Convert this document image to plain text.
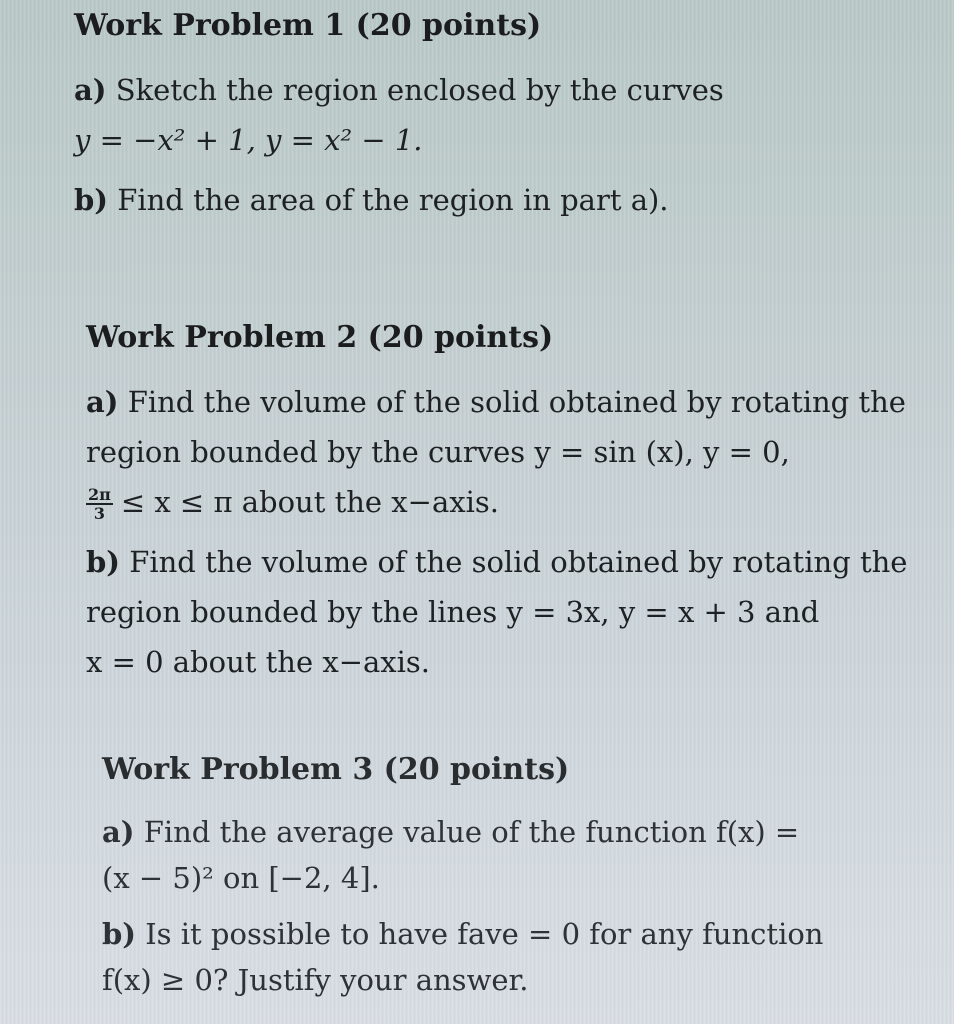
Work Problem 1 (20 points)
a) Sketch the region enclosed by the curves
y = −x² + 1, y = x² − 1.
b) Find the area of the region in part a).
Work Problem 2 (20 points)
a) Find the volume of the solid obtained by rotating the
region bounded by the curves y = sin (x), y = 0,
$\frac{2\pi}{3} \le x \le \pi$ about the x−axis.
b) Find the volume of the solid obtained by rotating the
region bounded by the lines y = 3x, y = x + 3 and
x = 0 about the x−axis.
Work Problem 3 (20 points)
a) Find the average value of the function f(x) =
(x − 5)² on [−2, 4].
b) Is it possible to have fave = 0 for any function
f(x) ≥ 0? Justify your answer.
